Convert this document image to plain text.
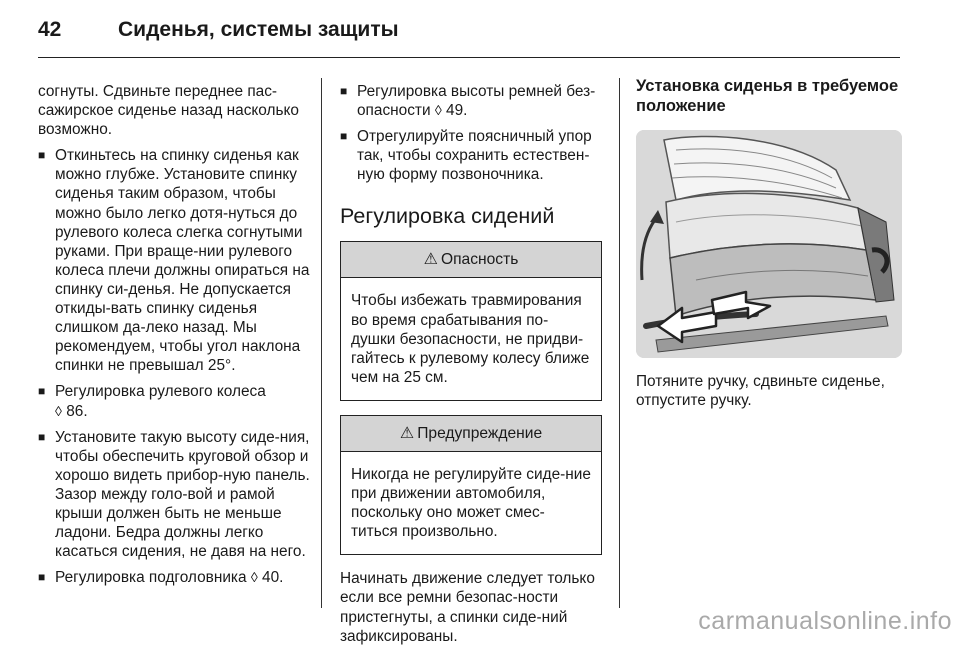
42	Сиденья, системы защиты

согнуты. Сдвиньте переднее пас-сажирское сиденье назад насколько возможно.

■ Откиньтесь на спинку сиденья как можно глубже. Установите спинку сиденья таким образом, чтобы можно было легко дотя-нуться до рулевого колеса слегка согнутыми руками. При враще-нии рулевого колеса плечи должны опираться на спинку си-денья. Не допускается откиды-вать спинку сиденья слишком да-леко назад. Мы рекомендуем, чтобы угол наклона спинки не превышал 25°.
■ Регулировка рулевого колеса
◊ 86.
■ Установите такую высоту сиде-ния, чтобы обеспечить круговой обзор и хорошо видеть прибор-ную панель. Зазор между голо-вой и рамой крыши должен быть не меньше ладони. Бедра должны легко касаться сидения, не давя на него.
■ Регулировка подголовника ◊ 40.
■ Регулировка высоты ремней без-опасности ◊ 49.
■ Отрегулируйте поясничный упор так, чтобы сохранить естествен-ную форму позвоночника.
Регулировка сидений
⚠ Опасность
Чтобы избежать травмирования во время срабатывания по-душки безопасности, не придви-гайтесь к рулевому колесу ближе чем на 25 см.
⚠ Предупреждение
Никогда не регулируйте сиде-ние при движении автомобиля, поскольку оно может смес-титься произвольно.

Начинать движение следует только если все ремни безопас-ности пристегнуты, а спинки сиде-ний зафиксированы.

Установка сиденья в требуемое положение

Потяните ручку, сдвиньте сиденье, отпустите ручку.

carmanualsonline.info
